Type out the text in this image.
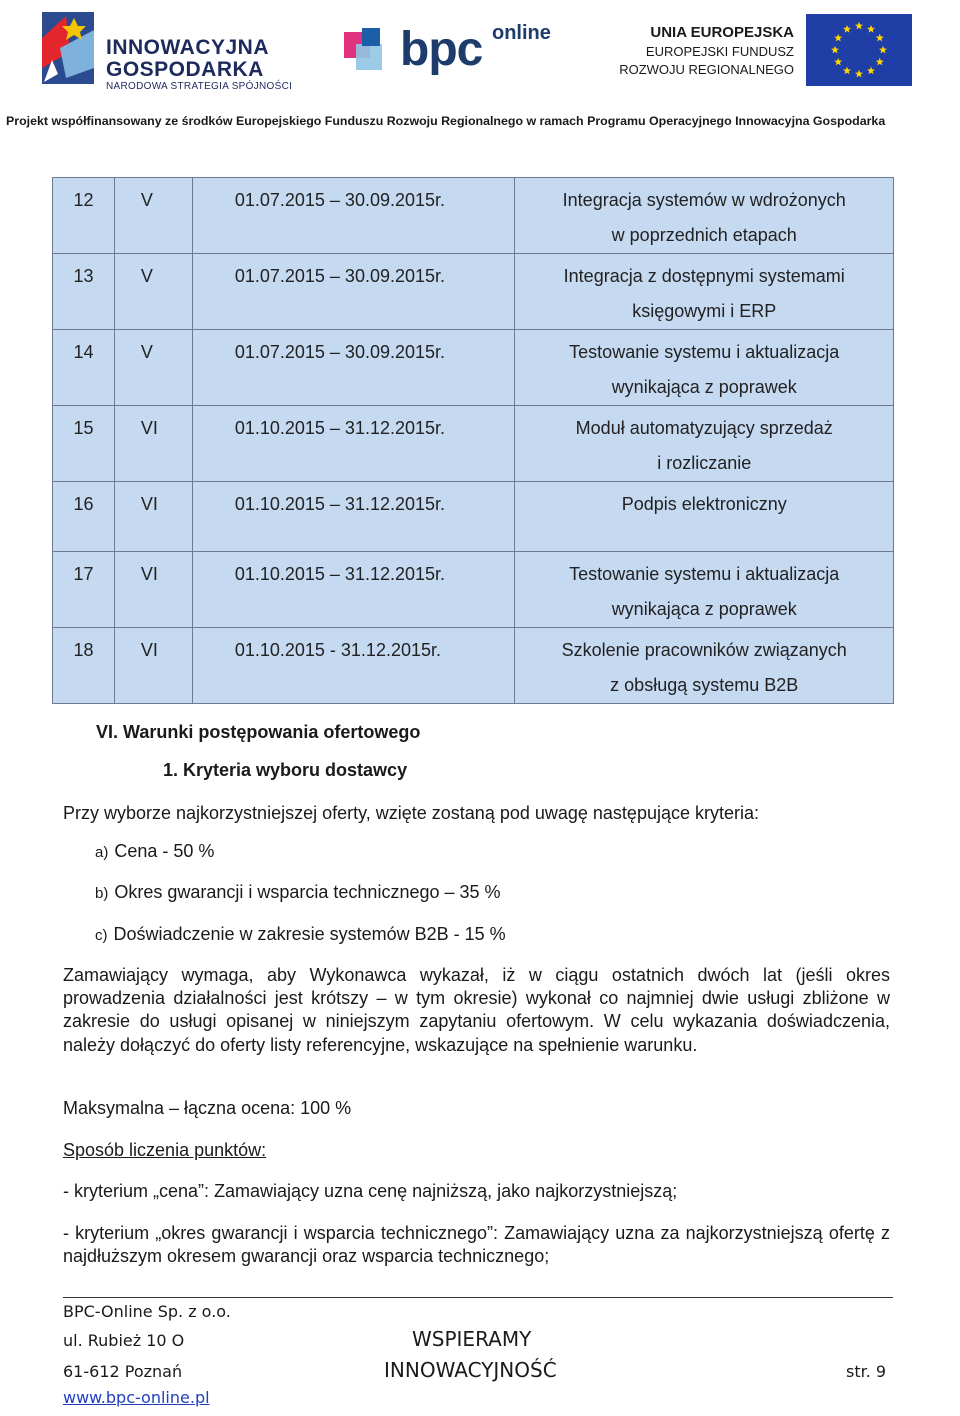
INNOWACYJNA
GOSPODARKA
NARODOWA STRATEGIA SPÓJNOŚCI
bpc online	UNIA EUROPEJSKA
EUROPEJSKI FUNDUSZ
ROZWOJU REGIONALNEGO
Projekt współfinansowany ze środków Europejskiego Funduszu Rozwoju Regionalnego w ramach Programu Operacyjnego Innowacyjna Gospodarka
12	V	01.07.2015 – 30.09.2015r.	Integracja systemów w wdrożonych
w poprzednich etapach

13	V	01.07.2015 – 30.09.2015r.	Integracja z dostępnymi systemami
księgowymi i ERP

14	V	01.07.2015 – 30.09.2015r.	Testowanie systemu i aktualizacja
wynikająca z poprawek

15	VI	01.10.2015 – 31.12.2015r.	Moduł automatyzujący sprzedaż
i rozliczanie

16	VI	01.10.2015 – 31.12.2015r.	Podpis elektroniczny

17	VI	01.10.2015 – 31.12.2015r.	Testowanie systemu i aktualizacja
wynikająca z poprawek

18	VI	01.10.2015 - 31.12.2015r.	Szkolenie pracowników związanych
z obsługą systemu B2B
VI. Warunki postępowania ofertowego
1. Kryteria wyboru dostawcy
Przy wyborze najkorzystniejszej oferty, wzięte zostaną pod uwagę następujące kryteria:
a) Cena - 50 %
b) Okres gwarancji i wsparcia technicznego – 35 %
c) Doświadczenie w zakresie systemów B2B - 15 %
Zamawiający wymaga, aby Wykonawca wykazał, iż w ciągu ostatnich dwóch lat (jeśli okres prowadzenia działalności jest krótszy – w tym okresie) wykonał co najmniej dwie usługi zbliżone w zakresie do usługi opisanej w niniejszym zapytaniu ofertowym. W celu wykazania doświadczenia, należy dołączyć do oferty listy referencyjne, wskazujące na spełnienie warunku.
Maksymalna – łączna ocena: 100 %
Sposób liczenia punktów:
- kryterium „cena”: Zamawiający uzna cenę najniższą, jako najkorzystniejszą;
- kryterium „okres gwarancji i wsparcia technicznego”: Zamawiający uzna za najkorzystniejszą ofertę z najdłuższym okresem gwarancji oraz wsparcia technicznego;
BPC-Online Sp. z o.o.
ul. Rubież 10 O
61-612 Poznań
www.bpc-online.pl
WSPIERAMY
INNOWACYJNOŚĆ	str. 9
